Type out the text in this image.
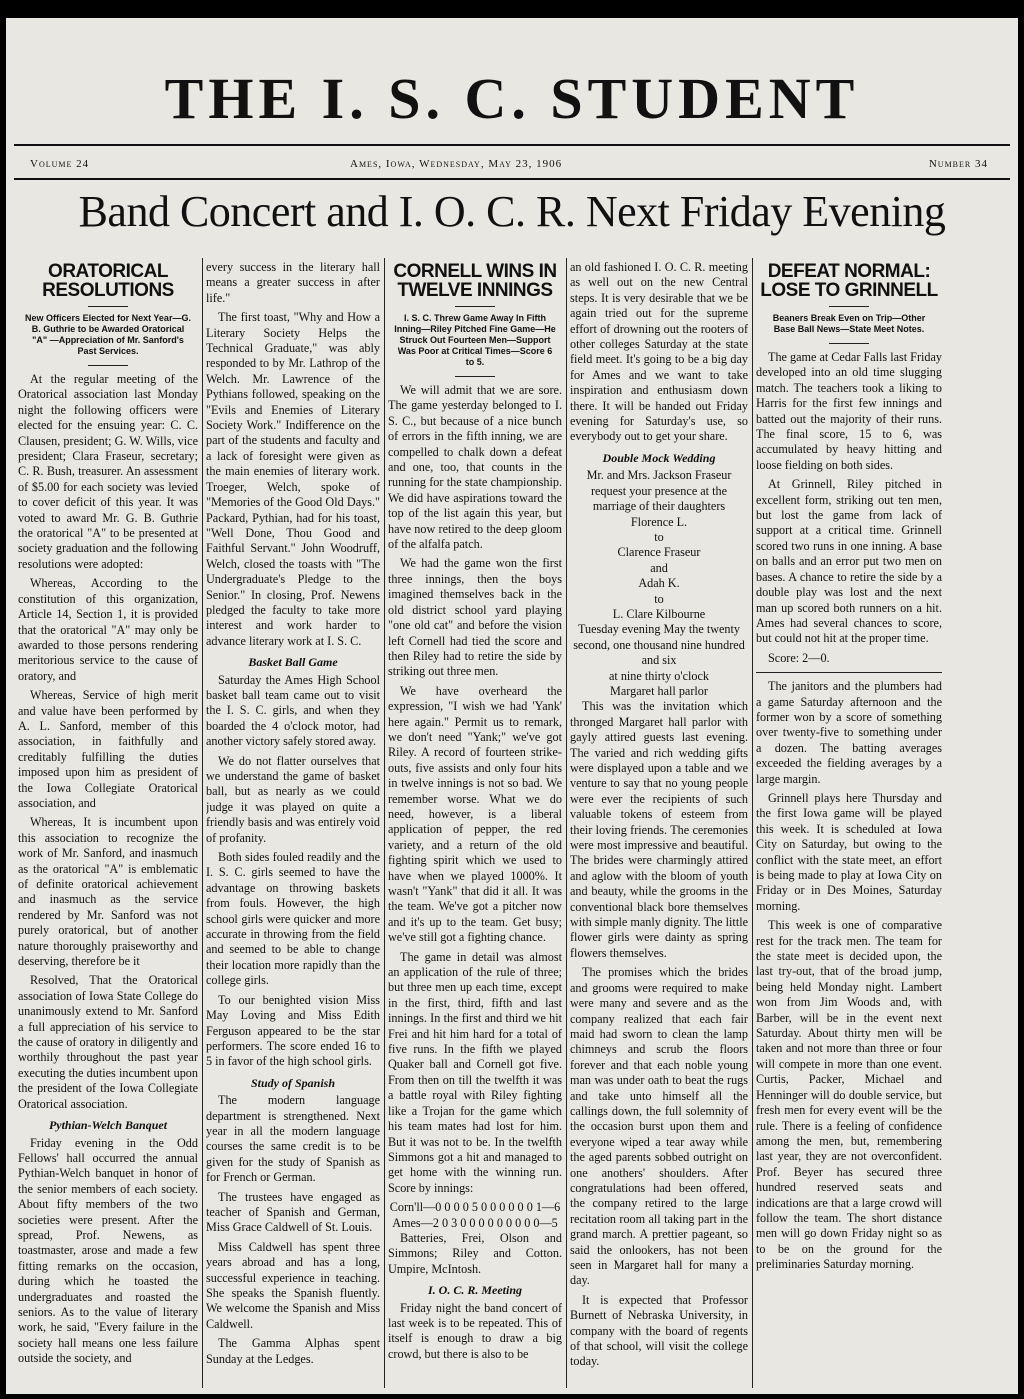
THE I. S. C. STUDENT
Volume 24	Ames, Iowa, Wednesday, May 23, 1906	Number 34
Band Concert and I. O. C. R. Next Friday Evening
ORATORICAL RESOLUTIONS
New Officers Elected for Next Year—G. B. Guthrie to be Awarded Oratorical "A" —Appreciation of Mr. Sanford's Past Services.

At the regular meeting of the Oratorical association last Monday night the following officers were elected for the ensuing year: C. C. Clausen, president; G. W. Wills, vice president; Clara Fraseur, secretary; C. R. Bush, treasurer. An assessment of $5.00 for each society was levied to cover deficit of this year. It was voted to award Mr. G. B. Guthrie the oratorical "A" to be presented at society graduation and the following resolutions were adopted:

Whereas, According to the constitution of this organization, Article 14, Section 1, it is provided that the oratorical "A" may only be awarded to those persons rendering meritorious service to the cause of oratory, and

Whereas, Service of high merit and value have been performed by A. L. Sanford, member of this association, in faithfully and creditably fulfilling the duties imposed upon him as president of the Iowa Collegiate Oratorical association, and

Whereas, It is incumbent upon this association to recognize the work of Mr. Sanford, and inasmuch as the oratorical "A" is emblematic of definite oratorical achievement and inasmuch as the service rendered by Mr. Sanford was not purely oratorical, but of another nature thoroughly praiseworthy and deserving, therefore be it

Resolved, That the Oratorical association of Iowa State College do unanimously extend to Mr. Sanford a full appreciation of his service to the cause of oratory in diligently and worthily throughout the past year executing the duties incumbent upon the president of the Iowa Collegiate Oratorical association.

Pythian-Welch Banquet

Friday evening in the Odd Fellows' hall occurred the annual Pythian-Welch banquet in honor of the senior members of each society. About fifty members of the two societies were present. After the spread, Prof. Newens, as toastmaster, arose and made a few fitting remarks on the occasion, during which he toasted the undergraduates and roasted the seniors. As to the value of literary work, he said, "Every failure in the society hall means one less failure outside the society, and

every success in the literary hall means a greater success in after life."

The first toast, "Why and How a Literary Society Helps the Technical Graduate," was ably responded to by Mr. Lathrop of the Welch. Mr. Lawrence of the Pythians followed, speaking on the "Evils and Enemies of Literary Society Work." Indifference on the part of the students and faculty and a lack of foresight were given as the main enemies of literary work. Troeger, Welch, spoke of "Memories of the Good Old Days." Packard, Pythian, had for his toast, "Well Done, Thou Good and Faithful Servant." John Woodruff, Welch, closed the toasts with "The Undergraduate's Pledge to the Senior." In closing, Prof. Newens pledged the faculty to take more interest and work harder to advance literary work at I. S. C.

Basket Ball Game

Saturday the Ames High School basket ball team came out to visit the I. S. C. girls, and when they boarded the 4 o'clock motor, had another victory safely stored away.

We do not flatter ourselves that we understand the game of basket ball, but as nearly as we could judge it was played on quite a friendly basis and was entirely void of profanity.

Both sides fouled readily and the I. S. C. girls seemed to have the advantage on throwing baskets from fouls. However, the high school girls were quicker and more accurate in throwing from the field and seemed to be able to change their location more rapidly than the college girls.

To our benighted vision Miss May Loving and Miss Edith Ferguson appeared to be the star performers. The score ended 16 to 5 in favor of the high school girls.

Study of Spanish

The modern language department is strengthened. Next year in all the modern language courses the same credit is to be given for the study of Spanish as for French or German.

The trustees have engaged as teacher of Spanish and German, Miss Grace Caldwell of St. Louis.

Miss Caldwell has spent three years abroad and has a long, successful experience in teaching. She speaks the Spanish fluently. We welcome the Spanish and Miss Caldwell.

The Gamma Alphas spent Sunday at the Ledges.

CORNELL WINS IN TWELVE INNINGS
I. S. C. Threw Game Away In Fifth Inning—Riley Pitched Fine Game—He Struck Out Fourteen Men—Support Was Poor at Critical Times—Score 6 to 5.

We will admit that we are sore. The game yesterday belonged to I. S. C., but because of a nice bunch of errors in the fifth inning, we are compelled to chalk down a defeat and one, too, that counts in the running for the state championship. We did have aspirations toward the top of the list again this year, but have now retired to the deep gloom of the alfalfa patch.

We had the game won the first three innings, then the boys imagined themselves back in the old district school yard playing "one old cat" and before the vision left Cornell had tied the score and then Riley had to retire the side by striking out three men.

We have overheard the expression, "I wish we had 'Yank' here again." Permit us to remark, we don't need "Yank;" we've got Riley. A record of fourteen strike-outs, five assists and only four hits in twelve innings is not so bad. We remember worse. What we do need, however, is a liberal application of pepper, the red variety, and a return of the old fighting spirit which we used to have when we played 1000%. It wasn't "Yank" that did it all. It was the team. We've got a pitcher now and it's up to the team. Get busy; we've still got a fighting chance.

The game in detail was almost an application of the rule of three; but three men up each time, except in the first, third, fifth and last innings. In the first and third we hit Frei and hit him hard for a total of five runs. In the fifth we played Quaker ball and Cornell got five. From then on till the twelfth it was a battle royal with Riley fighting like a Trojan for the game which his team mates had lost for him. But it was not to be. In the twelfth Simmons got a hit and managed to get home with the winning run. Score by innings:

Corn'll—0 0 0 0 5 0 0 0 0 0 0 1—6

Ames—2 0 3 0 0 0 0 0 0 0 0 0—5

Batteries, Frei, Olson and Simmons; Riley and Cotton. Umpire, McIntosh.

I. O. C. R. Meeting

Friday night the band concert of last week is to be repeated. This of itself is enough to draw a big crowd, but there is also to be

an old fashioned I. O. C. R. meeting as well out on the new Central steps. It is very desirable that we be again tried out for the supreme effort of drowning out the rooters of other colleges Saturday at the state field meet. It's going to be a big day for Ames and we want to take inspiration and enthusiasm down there. It will be handed out Friday evening for Saturday's use, so everybody out to get your share.

Double Mock Wedding

Mr. and Mrs. Jackson Fraseur

request your presence at the

marriage of their daughters

Florence L.

to

Clarence Fraseur

and

Adah K.

to

L. Clare Kilbourne

Tuesday evening May the twenty second, one thousand nine hundred and six

at nine thirty o'clock

Margaret hall parlor

This was the invitation which thronged Margaret hall parlor with gayly attired guests last evening. The varied and rich wedding gifts were displayed upon a table and we venture to say that no young people were ever the recipients of such valuable tokens of esteem from their loving friends. The ceremonies were most impressive and beautiful. The brides were charmingly attired and aglow with the bloom of youth and beauty, while the grooms in the conventional black bore themselves with simple manly dignity. The little flower girls were dainty as spring flowers themselves.

The promises which the brides and grooms were required to make were many and severe and as the company realized that each fair maid had sworn to clean the lamp chimneys and scrub the floors forever and that each noble young man was under oath to beat the rugs and take unto himself all the callings down, the full solemnity of the occasion burst upon them and everyone wiped a tear away while the aged parents sobbed outright on one anothers' shoulders. After congratulations had been offered, the company retired to the large recitation room all taking part in the grand march. A prettier pageant, so said the onlookers, has not been seen in Margaret hall for many a day.

It is expected that Professor Burnett of Nebraska University, in company with the board of regents of that school, will visit the college today.

DEFEAT NORMAL: LOSE TO GRINNELL
Beaners Break Even on Trip—Other Base Ball News—State Meet Notes.

The game at Cedar Falls last Friday developed into an old time slugging match. The teachers took a liking to Harris for the first few innings and batted out the majority of their runs. The final score, 15 to 6, was accumulated by heavy hitting and loose fielding on both sides.

At Grinnell, Riley pitched in excellent form, striking out ten men, but lost the game from lack of support at a critical time. Grinnell scored two runs in one inning. A base on balls and an error put two men on bases. A chance to retire the side by a double play was lost and the next man up scored both runners on a hit. Ames had several chances to score, but could not hit at the proper time.

Score: 2—0.

The janitors and the plumbers had a game Saturday afternoon and the former won by a score of something over twenty-five to something under a dozen. The batting averages exceeded the fielding averages by a large margin.

Grinnell plays here Thursday and the first Iowa game will be played this week. It is scheduled at Iowa City on Saturday, but owing to the conflict with the state meet, an effort is being made to play at Iowa City on Friday or in Des Moines, Saturday morning.

This week is one of comparative rest for the track men. The team for the state meet is decided upon, the last try-out, that of the broad jump, being held Monday night. Lambert won from Jim Woods and, with Barber, will be in the event next Saturday. About thirty men will be taken and not more than three or four will compete in more than one event. Curtis, Packer, Michael and Henninger will do double service, but fresh men for every event will be the rule. There is a feeling of confidence among the men, but, remembering last year, they are not overconfident. Prof. Beyer has secured three hundred reserved seats and indications are that a large crowd will follow the team. The short distance men will go down Friday night so as to be on the ground for the preliminaries Saturday morning.
